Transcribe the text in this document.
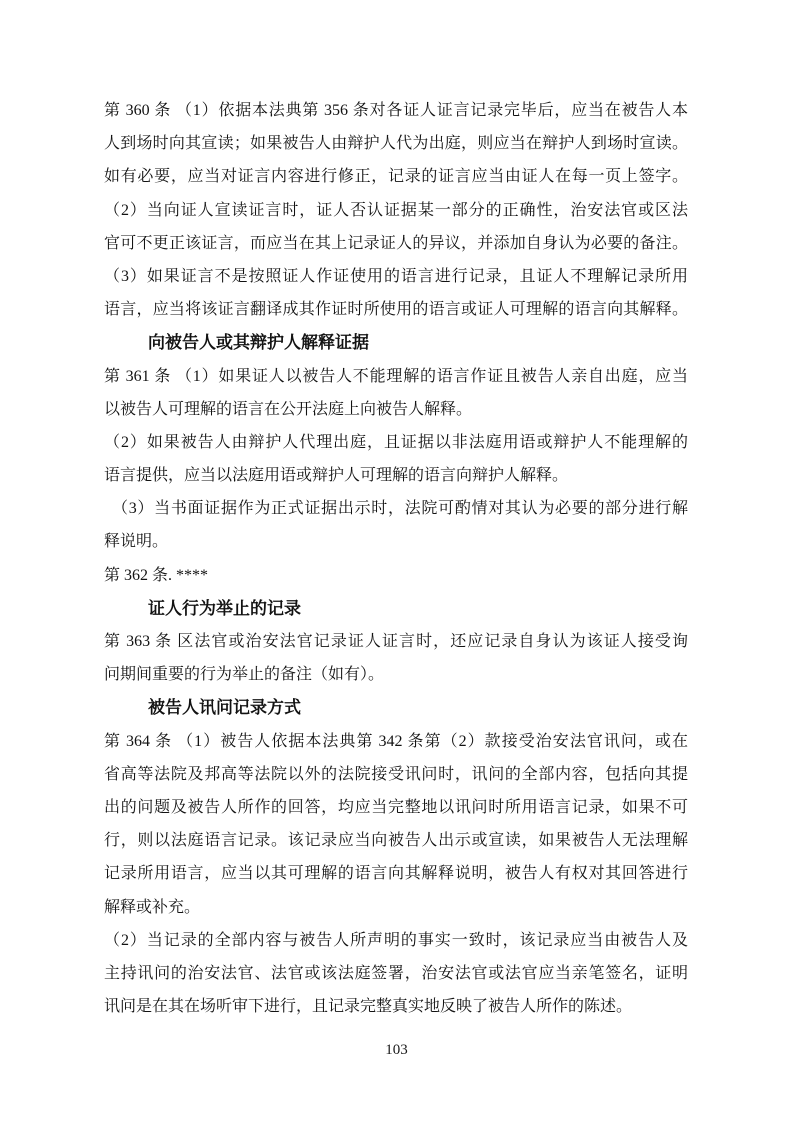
第 360 条 （1）依据本法典第 356 条对各证人证言记录完毕后，应当在被告人本
人到场时向其宣读；如果被告人由辩护人代为出庭，则应当在辩护人到场时宣读。
如有必要，应当对证言内容进行修正，记录的证言应当由证人在每一页上签字。
（2）当向证人宣读证言时，证人否认证据某一部分的正确性，治安法官或区法
官可不更正该证言，而应当在其上记录证人的异议，并添加自身认为必要的备注。
（3）如果证言不是按照证人作证使用的语言进行记录，且证人不理解记录所用
语言，应当将该证言翻译成其作证时所使用的语言或证人可理解的语言向其解释。
向被告人或其辩护人解释证据
第 361 条 （1）如果证人以被告人不能理解的语言作证且被告人亲自出庭，应当
以被告人可理解的语言在公开法庭上向被告人解释。
（2）如果被告人由辩护人代理出庭，且证据以非法庭用语或辩护人不能理解的
语言提供，应当以法庭用语或辩护人可理解的语言向辩护人解释。
（3）当书面证据作为正式证据出示时，法院可酌情对其认为必要的部分进行解
释说明。
第 362 条. ****
证人行为举止的记录
第 363 条 区法官或治安法官记录证人证言时，还应记录自身认为该证人接受询
问期间重要的行为举止的备注（如有）。
被告人讯问记录方式
第 364 条 （1）被告人依据本法典第 342 条第（2）款接受治安法官讯问，或在
省高等法院及邦高等法院以外的法院接受讯问时，讯问的全部内容，包括向其提
出的问题及被告人所作的回答，均应当完整地以讯问时所用语言记录，如果不可
行，则以法庭语言记录。该记录应当向被告人出示或宣读，如果被告人无法理解
记录所用语言，应当以其可理解的语言向其解释说明，被告人有权对其回答进行
解释或补充。
（2）当记录的全部内容与被告人所声明的事实一致时，该记录应当由被告人及
主持讯问的治安法官、法官或该法庭签署，治安法官或法官应当亲笔签名，证明
讯问是在其在场听审下进行，且记录完整真实地反映了被告人所作的陈述。
103
